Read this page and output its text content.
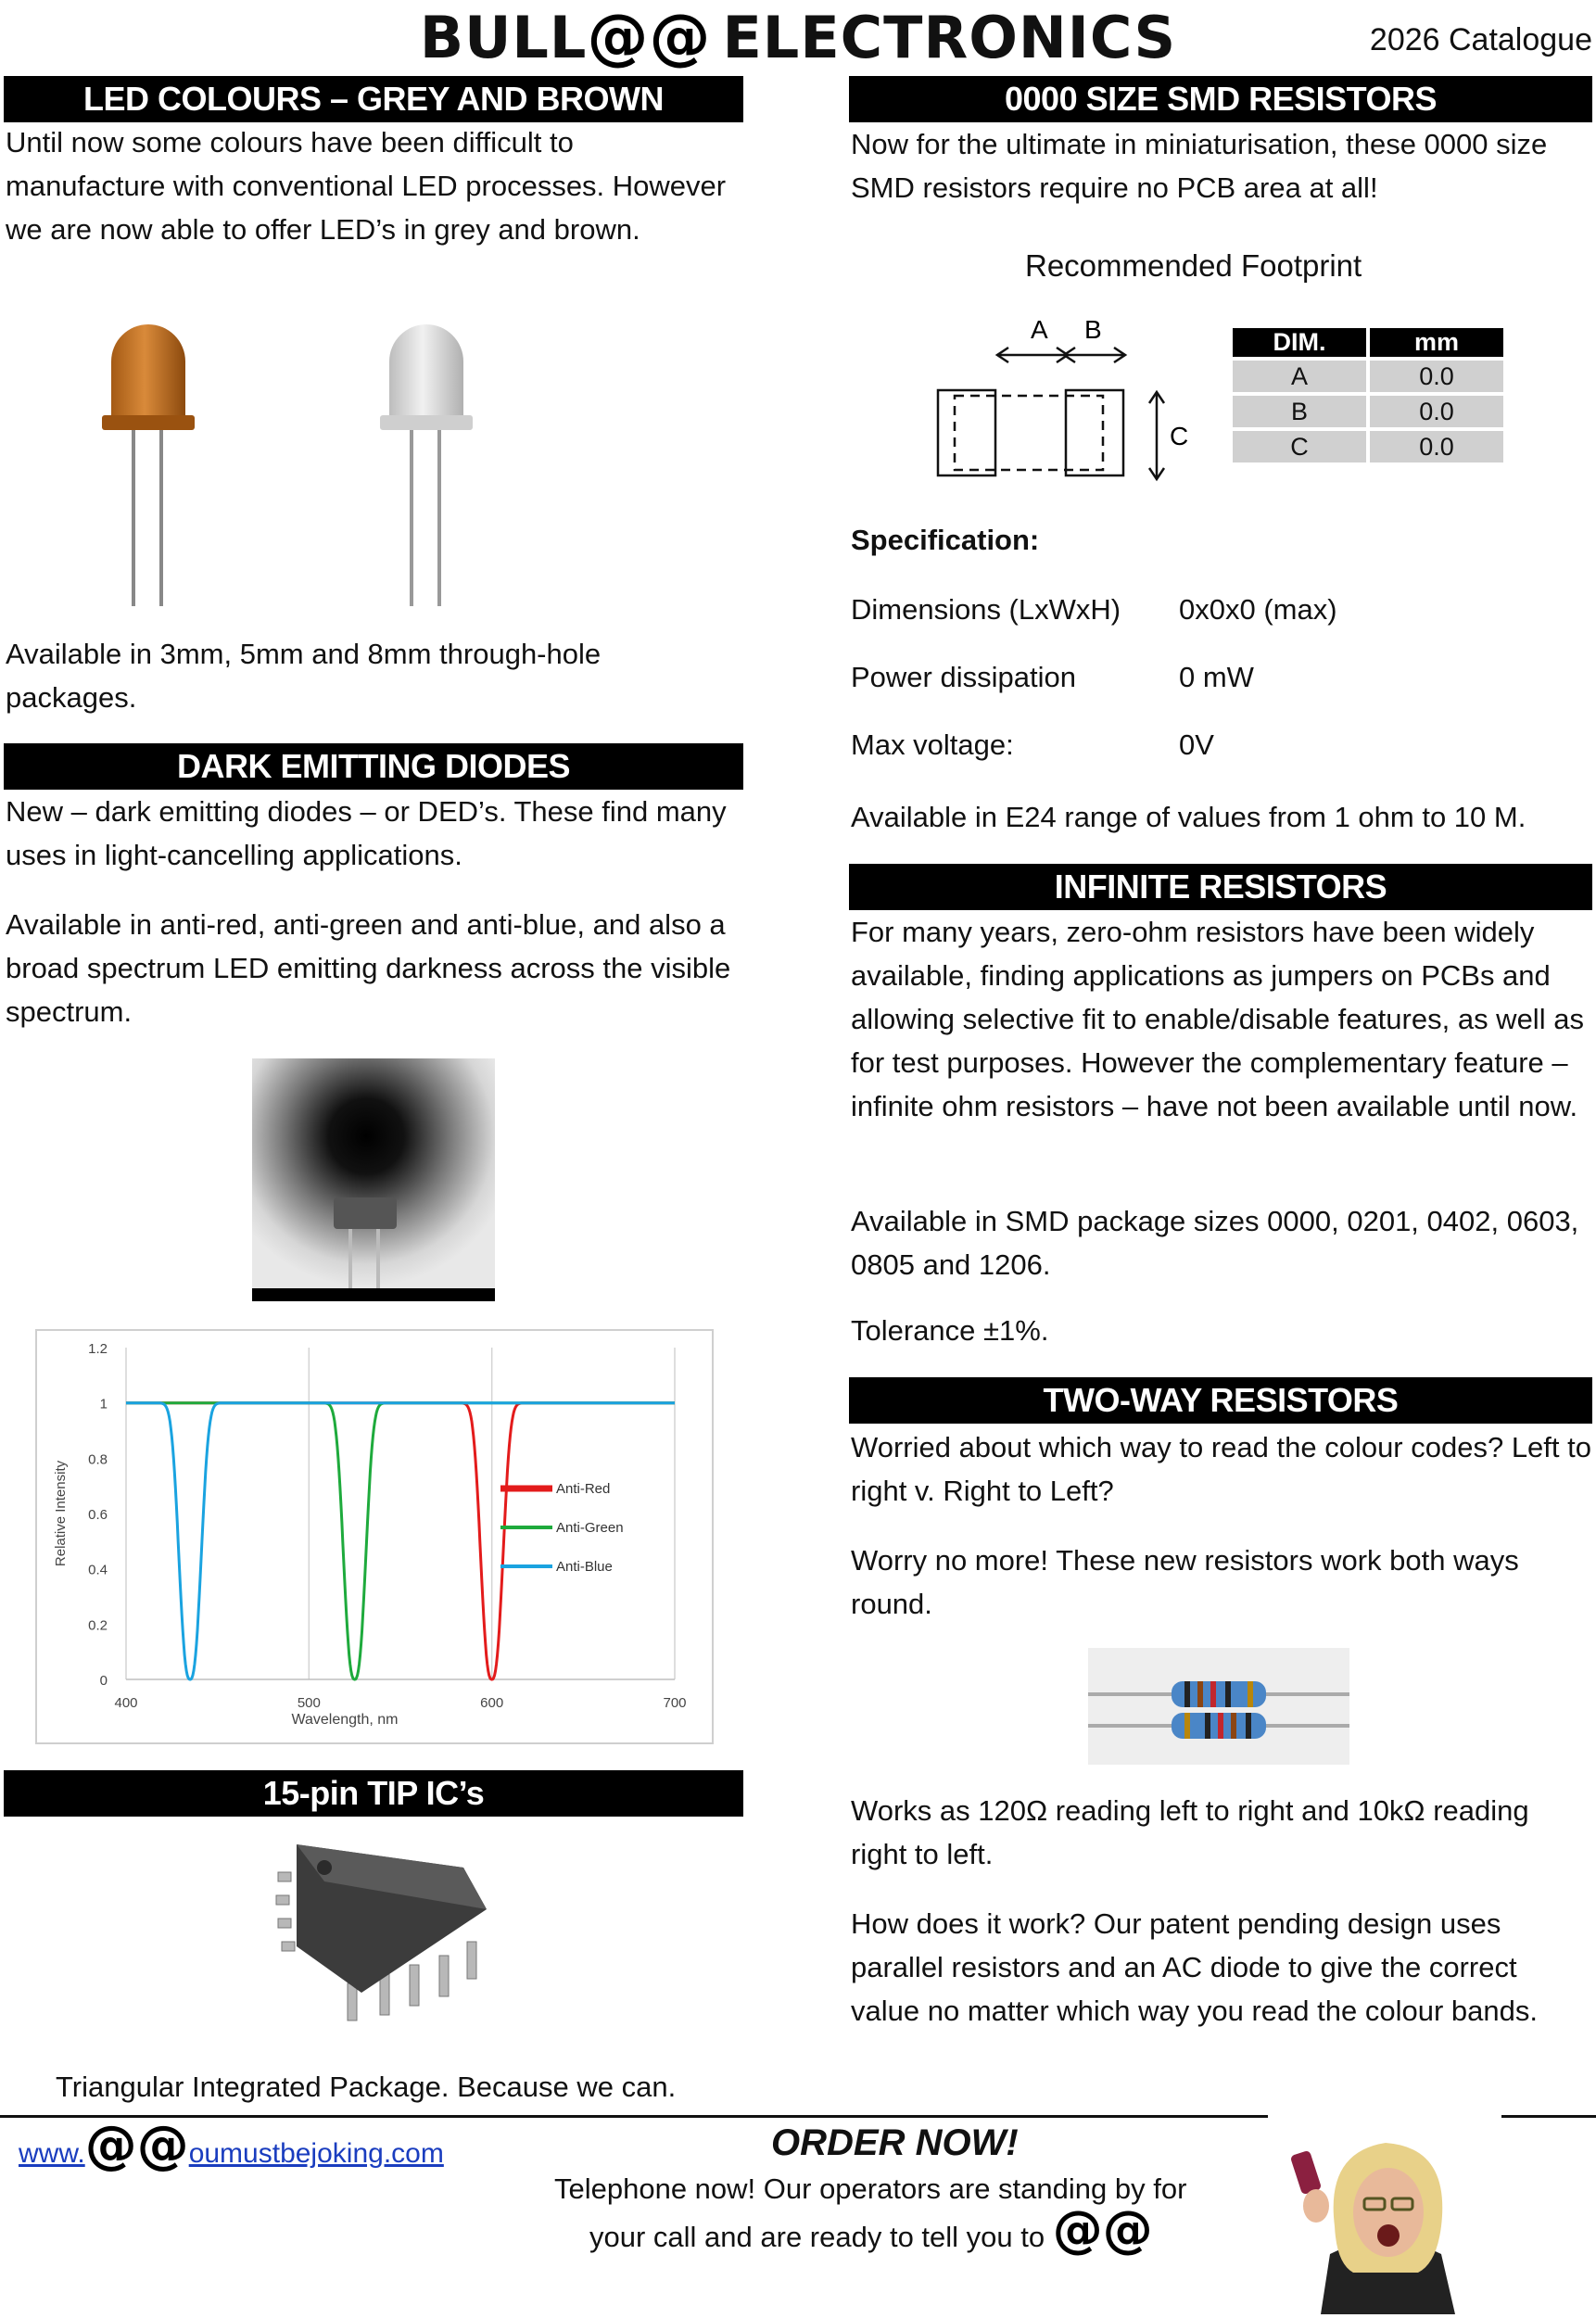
BULL@@ ELECTRONICS	2026 Catalogue
LED COLOURS – GREY AND BROWN
Until now some colours have been difficult to manufacture with conventional LED processes. However we are now able to offer LED’s in grey and brown.
Available in 3mm, 5mm and 8mm through-hole packages.
DARK EMITTING DIODES
New – dark emitting diodes – or DED’s. These find many uses in light-cancelling applications.
Available in anti-red, anti-green and anti-blue, and also a broad spectrum LED emitting darkness across the visible spectrum.
0
0.2
0.4
0.6
0.8
1
1.2
400	500	600	700
Wavelength, nm
Relative Intensity	Anti-Red
Anti-Green
Anti-Blue
15-pin TIP IC’s
Triangular Integrated Package. Because we can.
0000 SIZE SMD RESISTORS
Now for the ultimate in miniaturisation, these 0000 size SMD resistors require no PCB area at all!
Recommended Footprint
A B
C
DIM.	mm
A	0.0
B	0.0
C	0.0
Specification:
Dimensions (LxWxH) 0x0x0 (max)
Power dissipation	0 mW
Max voltage:	0V
Available in E24 range of values from 1 ohm to 10 M.
INFINITE RESISTORS
For many years, zero-ohm resistors have been widely available, finding applications as jumpers on PCBs and allowing selective fit to enable/disable features, as well as for test purposes. However the complementary feature – infinite ohm resistors – have not been available until now.
Available in SMD package sizes 0000, 0201, 0402, 0603, 0805 and 1206.
Tolerance ±1%.
TWO-WAY RESISTORS
Worried about which way to read the colour codes? Left to right v. Right to Left?
Worry no more! These new resistors work both ways round.
Works as 120Ω reading left to right and 10kΩ reading right to left.
How does it work? Our patent pending design uses parallel resistors and an AC diode to give the correct value no matter which way you read the colour bands.
www.@@oumustbejoking.com	ORDER NOW!
Telephone now! Our operators are standing by for
your call and are ready to tell you to @@
